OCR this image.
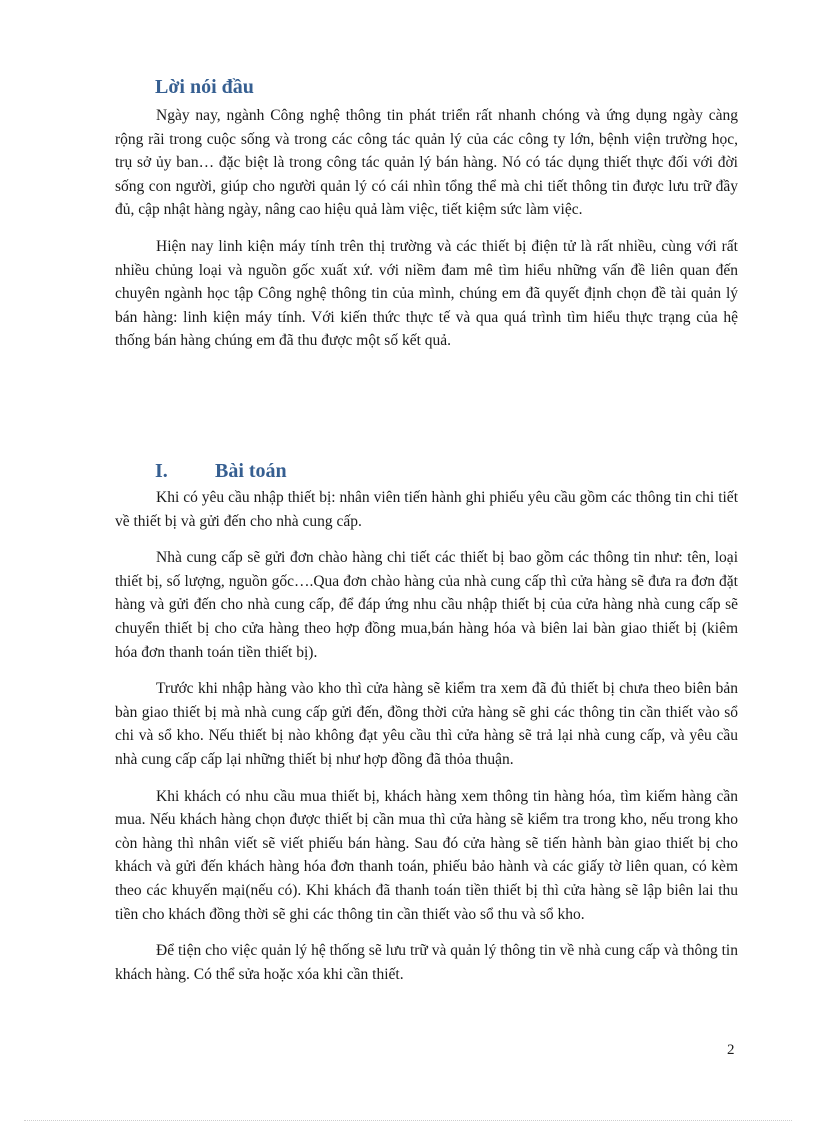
Lời nói đầu

Ngày nay, ngành Công nghệ thông tin phát triển rất nhanh chóng và ứng dụng ngày càng rộng rãi trong cuộc sống và trong các công tác quản lý của các công ty lớn, bệnh viện trường học, trụ sở ủy ban… đặc biệt là trong công tác quản lý bán hàng. Nó có tác dụng thiết thực đối với đời sống con người, giúp cho người quản lý có cái nhìn tổng thể mà chi tiết thông tin được lưu trữ đầy đủ, cập nhật hàng ngày, nâng cao hiệu quả làm việc, tiết kiệm sức làm việc.

Hiện nay linh kiện máy tính trên thị trường và các thiết bị điện tử là rất nhiều, cùng với rất nhiều chủng loại và nguồn gốc xuất xứ. với niềm đam mê tìm hiểu những vấn đề liên quan đến chuyên ngành học tập Công nghệ thông tin của mình, chúng em đã quyết định chọn đề tài quản lý bán hàng: linh kiện máy tính. Với kiến thức thực tế và qua quá trình tìm hiểu thực trạng của hệ thống bán hàng chúng em đã thu được một số kết quả.

I. Bài toán

Khi có yêu cầu nhập thiết bị: nhân viên tiến hành ghi phiếu yêu cầu gồm các thông tin chi tiết về thiết bị và gửi đến cho nhà cung cấp.

Nhà cung cấp sẽ gửi đơn chào hàng chi tiết các thiết bị bao gồm các thông tin như: tên, loại thiết bị, số lượng, nguồn gốc….Qua đơn chào hàng của nhà cung cấp thì cửa hàng sẽ đưa ra đơn đặt hàng và gửi đến cho nhà cung cấp, để đáp ứng nhu cầu nhập thiết bị của cửa hàng nhà cung cấp sẽ chuyển thiết bị cho cửa hàng theo hợp đồng mua,bán hàng hóa và biên lai bàn giao thiết bị (kiêm hóa đơn thanh toán tiền thiết bị).

Trước khi nhập hàng vào kho thì cửa hàng sẽ kiểm tra xem đã đủ thiết bị chưa theo biên bản bàn giao thiết bị mà nhà cung cấp gửi đến, đồng thời cửa hàng sẽ ghi các thông tin cần thiết vào sổ chi và sổ kho. Nếu thiết bị nào không đạt yêu cầu thì cửa hàng sẽ trả lại nhà cung cấp, và yêu cầu nhà cung cấp cấp lại những thiết bị như hợp đồng đã thỏa thuận.

Khi khách có nhu cầu mua thiết bị, khách hàng xem thông tin hàng hóa, tìm kiếm hàng cần mua. Nếu khách hàng chọn được thiết bị cần mua thì cửa hàng sẽ kiểm tra trong kho, nếu trong kho còn hàng thì nhân viết sẽ viết phiếu bán hàng. Sau đó cửa hàng sẽ tiến hành bàn giao thiết bị cho khách và gửi đến khách hàng hóa đơn thanh toán, phiếu bảo hành và các giấy tờ liên quan, có kèm theo các khuyến mại(nếu có). Khi khách đã thanh toán tiền thiết bị thì cửa hàng sẽ lập biên lai thu tiền cho khách đồng thời sẽ ghi các thông tin cần thiết vào sổ thu và sổ kho.

Để tiện cho việc quản lý hệ thống sẽ lưu trữ và quản lý thông tin về nhà cung cấp và thông tin khách hàng. Có thể sửa hoặc xóa khi cần thiết.

2
